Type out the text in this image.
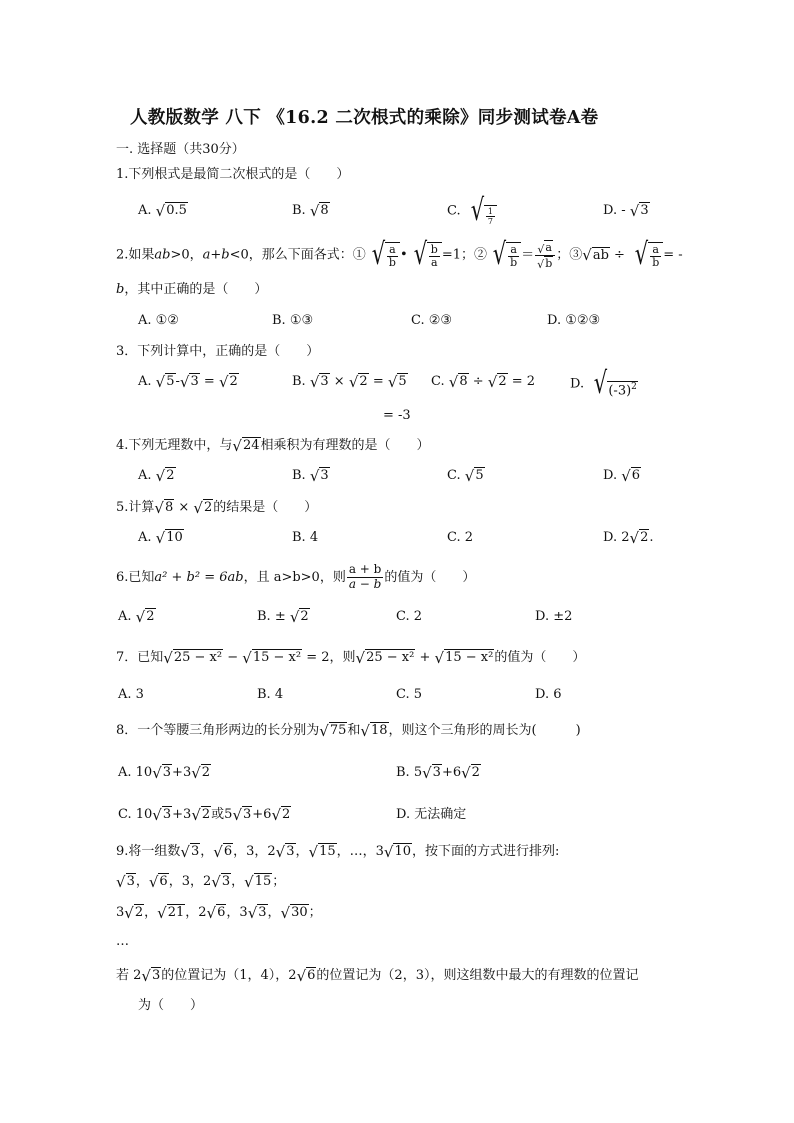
人教版数学 八下 《16.2 二次根式的乘除》同步测试卷A卷
一. 选择题（共30分）
1.下列根式是最简二次根式的是（　　）
A. √ 0.5	B. √ 8	C. √ $\frac{1}{7}$	D. - √ 3
2.如果ab>0，a+b<0，那么下面各式：① √ $\frac{a}{b}$ • √ $\frac{b}{a} =1$；② √ $\frac{a}{b} = \frac{√ a}{√ b}$ ；③ √ ab ÷ √ $\frac{a}{b}$ = -
b，其中正确的是（　　）
A. ①②	B. ①③	C. ②③	D. ①②③
3．下列计算中，正确的是（　　）
A. √ 5 - √ 3 = √ 2	B. √ 3 × √ 2 = √ 5 C. √ 8 ÷ √ 2 = 2	D. √ $(-3)^2$
= -3
4.下列无理数中，与 √ 24 相乘积为有理数的是（　　）
A. √ 2	B. √ 3	C. √ 5	D. √ 6
5.计算 √ 8 × √ 2 的结果是（　　）
A. √ 10	B. 4	C. 2	D. 2 √ 2 .
6.已知a² + b² = 6ab，且 a>b>0，则 $\frac{a + b}{a - b}$ 的值为（　　）
A. √ 2	B. ± √ 2	C. 2	D. ±2
7．已知 √ 25 − x² − √ 15 − x² = 2，则 √ 25 − x² + √ 15 − x² 的值为（　　）
A. 3	B. 4	C. 5	D. 6
8．一个等腰三角形两边的长分别为 √ 75 和 √ 18 ，则这个三角形的周长为(　　　)
A. 10 √ 3 +3 √ 2	B. 5 √ 3 +6 √ 2
C. 10 √ 3 +3 √ 2 或5 √ 3 +6 √ 2	D. 无法确定
9.将一组数 √ 3 ， √ 6 ，3，2 √ 3 ， √ 15 ，…，3 √ 10 ，按下面的方式进行排列:
√ 3 ， √ 6 ，3，2 √ 3 ， √ 15 ；
3 √ 2 ， √ 21 ，2 √ 6 ，3 √ 3 ， √ 30 ；
…
若 2 √ 3 的位置记为（1，4），2 √ 6 的位置记为（2，3），则这组数中最大的有理数的位置记
为（　　）
